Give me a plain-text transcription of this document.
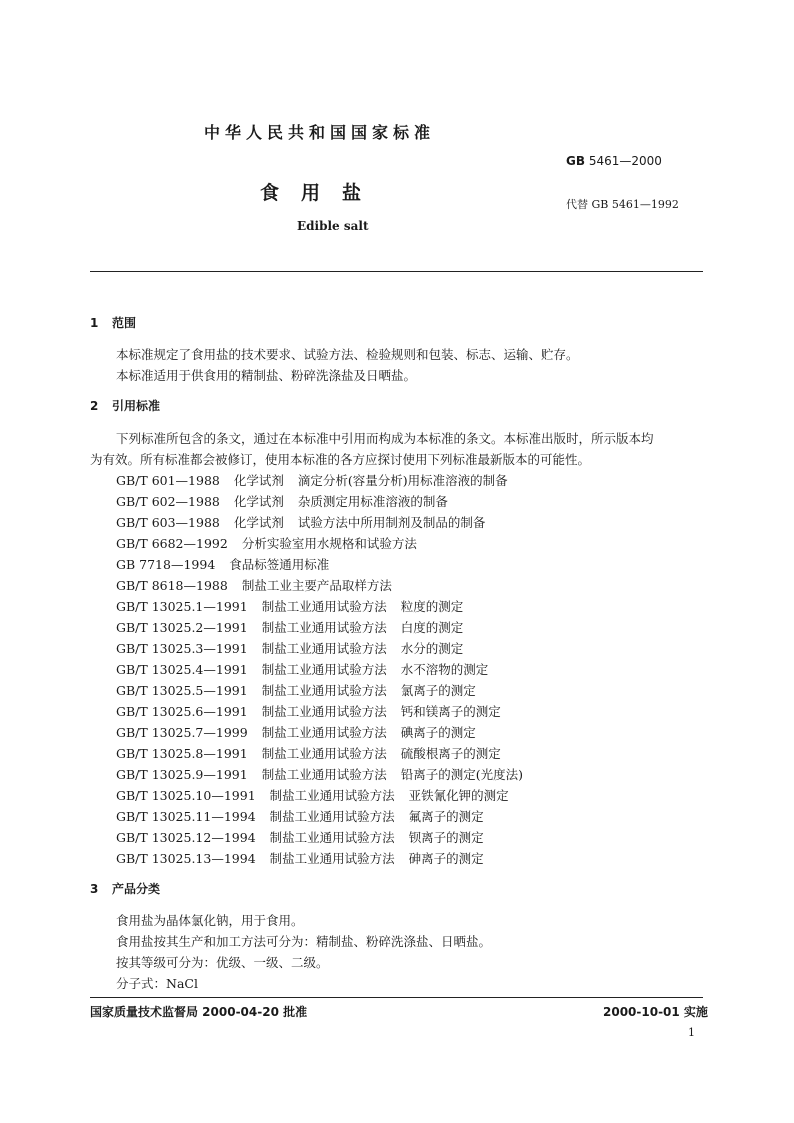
中华人民共和国国家标准
GB 5461—2000
食用盐
代替 GB 5461—1992
Edible salt
1 范围
本标准规定了食用盐的技术要求、试验方法、检验规则和包装、标志、运输、贮存。
本标准适用于供食用的精制盐、粉碎洗涤盐及日晒盐。
2 引用标准
下列标准所包含的条文，通过在本标准中引用而构成为本标准的条文。本标准出版时，所示版本均
为有效。所有标准都会被修订，使用本标准的各方应探讨使用下列标准最新版本的可能性。
GB/T 601—1988 化学试剂 滴定分析(容量分析)用标准溶液的制备
GB/T 602—1988 化学试剂 杂质测定用标准溶液的制备
GB/T 603—1988 化学试剂 试验方法中所用制剂及制品的制备
GB/T 6682—1992 分析实验室用水规格和试验方法
GB 7718—1994 食品标签通用标准
GB/T 8618—1988 制盐工业主要产品取样方法
GB/T 13025.1—1991 制盐工业通用试验方法 粒度的测定
GB/T 13025.2—1991 制盐工业通用试验方法 白度的测定
GB/T 13025.3—1991 制盐工业通用试验方法 水分的测定
GB/T 13025.4—1991 制盐工业通用试验方法 水不溶物的测定
GB/T 13025.5—1991 制盐工业通用试验方法 氯离子的测定
GB/T 13025.6—1991 制盐工业通用试验方法 钙和镁离子的测定
GB/T 13025.7—1999 制盐工业通用试验方法 碘离子的测定
GB/T 13025.8—1991 制盐工业通用试验方法 硫酸根离子的测定
GB/T 13025.9—1991 制盐工业通用试验方法 铅离子的测定(光度法)
GB/T 13025.10—1991 制盐工业通用试验方法 亚铁氰化钾的测定
GB/T 13025.11—1994 制盐工业通用试验方法 氟离子的测定
GB/T 13025.12—1994 制盐工业通用试验方法 钡离子的测定
GB/T 13025.13—1994 制盐工业通用试验方法 砷离子的测定
3 产品分类
食用盐为晶体氯化钠，用于食用。
食用盐按其生产和加工方法可分为：精制盐、粉碎洗涤盐、日晒盐。
按其等级可分为：优级、一级、二级。
分子式：NaCl
国家质量技术监督局 2000-04-20 批准	2000-10-01 实施
1
